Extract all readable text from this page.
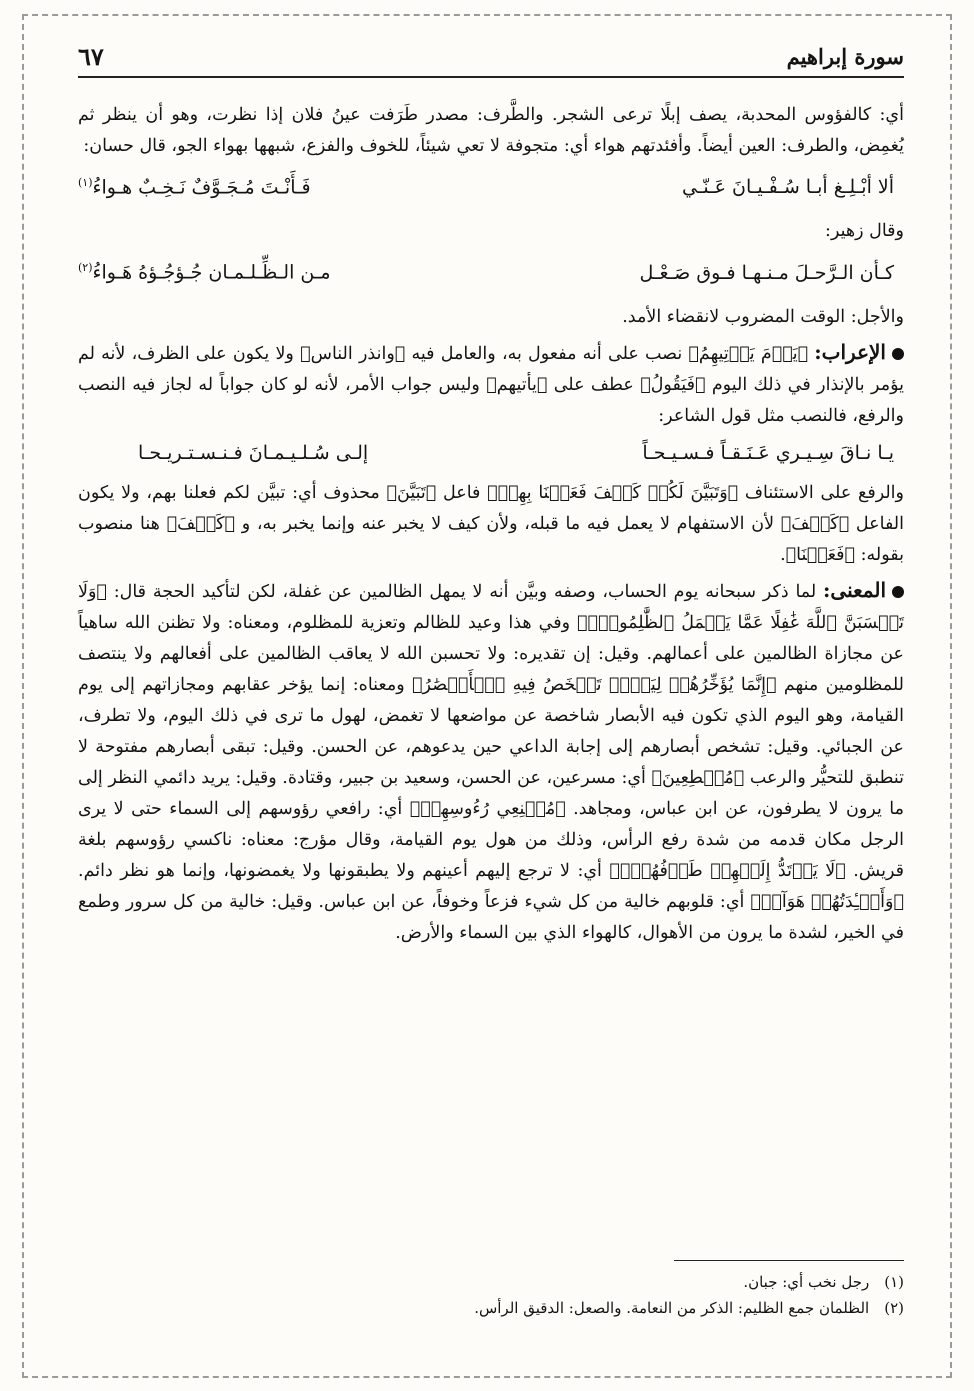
سورة إبراهيم
٦٧

أي: كالفؤوس المحدبة، يصف إبلًا ترعى الشجر. والطَّرف: مصدر طَرَفت عينُ فلان إذا نظرت، وهو أن ينظر ثم يُغمِض، والطرف: العين أيضاً. وأفئدتهم هواء أي: متجوفة لا تعي شيئاً، للخوف والفزع، شبهها بهواء الجو، قال حسان:

ألا أبْـلِـغ أبـا سُـفْـيـانَ عَـنّـي
فَـأَنْـتَ مُـجَـوَّفٌ نَـخِـبٌ هـواءُ$^{(١)}$

وقال زهير:

كـأن الـرَّحـلَ مـنـهـا فـوق صَـعْـل
مـن الـظِّـلـمـان جُـؤجُـؤهُ هَـواءُ$^{(٢)}$

والأجل: الوقت المضروب لانقضاء الأمد.

الإعراب: ﴿يَوۡمَ يَأۡتِيهِمُ﴾ نصب على أنه مفعول به، والعامل فيه ﴿وانذر الناس﴾ ولا يكون على الظرف، لأنه لم يؤمر بالإنذار في ذلك اليوم ﴿فَيَقُولُ﴾ عطف على ﴿يأتيهم﴾ وليس جواب الأمر، لأنه لو كان جواباً له لجاز فيه النصب والرفع، فالنصب مثل قول الشاعر:

يـا نـاقَ سِـيـري عَـنَـقـاً فـسـيـحـاً
إلـى سُـلـيـمـانَ فـنـسـتـريـحـا

والرفع على الاستئناف ﴿وَتَبَيَّنَ لَكُمۡ كَيۡفَ فَعَلۡنَا بِهِمۡ﴾ فاعل ﴿تَبَيَّنَ﴾ محذوف أي: تبيَّن لكم فعلنا بهم، ولا يكون الفاعل ﴿كَيۡفَ﴾ لأن الاستفهام لا يعمل فيه ما قبله، ولأن كيف لا يخبر عنه وإنما يخبر به، و ﴿كَيۡفَ﴾ هنا منصوب بقوله: ﴿فَعَلۡنَا﴾.

المعنى: لما ذكر سبحانه يوم الحساب، وصفه وبيَّن أنه لا يمهل الظالمين عن غفلة، لكن لتأكيد الحجة قال: ﴿وَلَا تَحۡسَبَنَّ ٱللَّهَ غَٰفِلًا عَمَّا يَعۡمَلُ ٱلظَّٰلِمُونَۚ﴾ وفي هذا وعيد للظالم وتعزية للمظلوم، ومعناه: ولا تظنن الله ساهياً عن مجازاة الظالمين على أعمالهم. وقيل: إن تقديره: ولا تحسبن الله لا يعاقب الظالمين على أفعالهم ولا ينتصف للمظلومين منهم ﴿إِنَّمَا يُؤَخِّرُهُمۡ لِيَوۡمٖ تَشۡخَصُ فِيهِ ٱلۡأَبۡصَٰرُ﴾ ومعناه: إنما يؤخر عقابهم ومجازاتهم إلى يوم القيامة، وهو اليوم الذي تكون فيه الأبصار شاخصة عن مواضعها لا تغمض، لهول ما ترى في ذلك اليوم، ولا تطرف، عن الجبائي. وقيل: تشخص أبصارهم إلى إجابة الداعي حين يدعوهم، عن الحسن. وقيل: تبقى أبصارهم مفتوحة لا تنطبق للتحيُّر والرعب ﴿مُهۡطِعِينَ﴾ أي: مسرعين، عن الحسن، وسعيد بن جبير، وقتادة. وقيل: يريد دائمي النظر إلى ما يرون لا يطرفون، عن ابن عباس، ومجاهد. ﴿مُقۡنِعِي رُءُوسِهِمۡ﴾ أي: رافعي رؤوسهم إلى السماء حتى لا يرى الرجل مكان قدمه من شدة رفع الرأس، وذلك من هول يوم القيامة، وقال مؤرج: معناه: ناكسي رؤوسهم بلغة قريش. ﴿لَا يَرۡتَدُّ إِلَيۡهِمۡ طَرۡفُهُمۡۖ﴾ أي: لا ترجع إليهم أعينهم ولا يطبقونها ولا يغمضونها، وإنما هو نظر دائم. ﴿وَأَفۡـِٔدَتُهُمۡ هَوَآءٞ﴾ أي: قلوبهم خالية من كل شيء فزعاً وخوفاً، عن ابن عباس. وقيل: خالية من كل سرور وطمع في الخير، لشدة ما يرون من الأهوال، كالهواء الذي بين السماء والأرض.

(١) رجل نخب أي: جبان.
(٢) الظلمان جمع الظليم: الذكر من النعامة. والصعل: الدقيق الرأس.
